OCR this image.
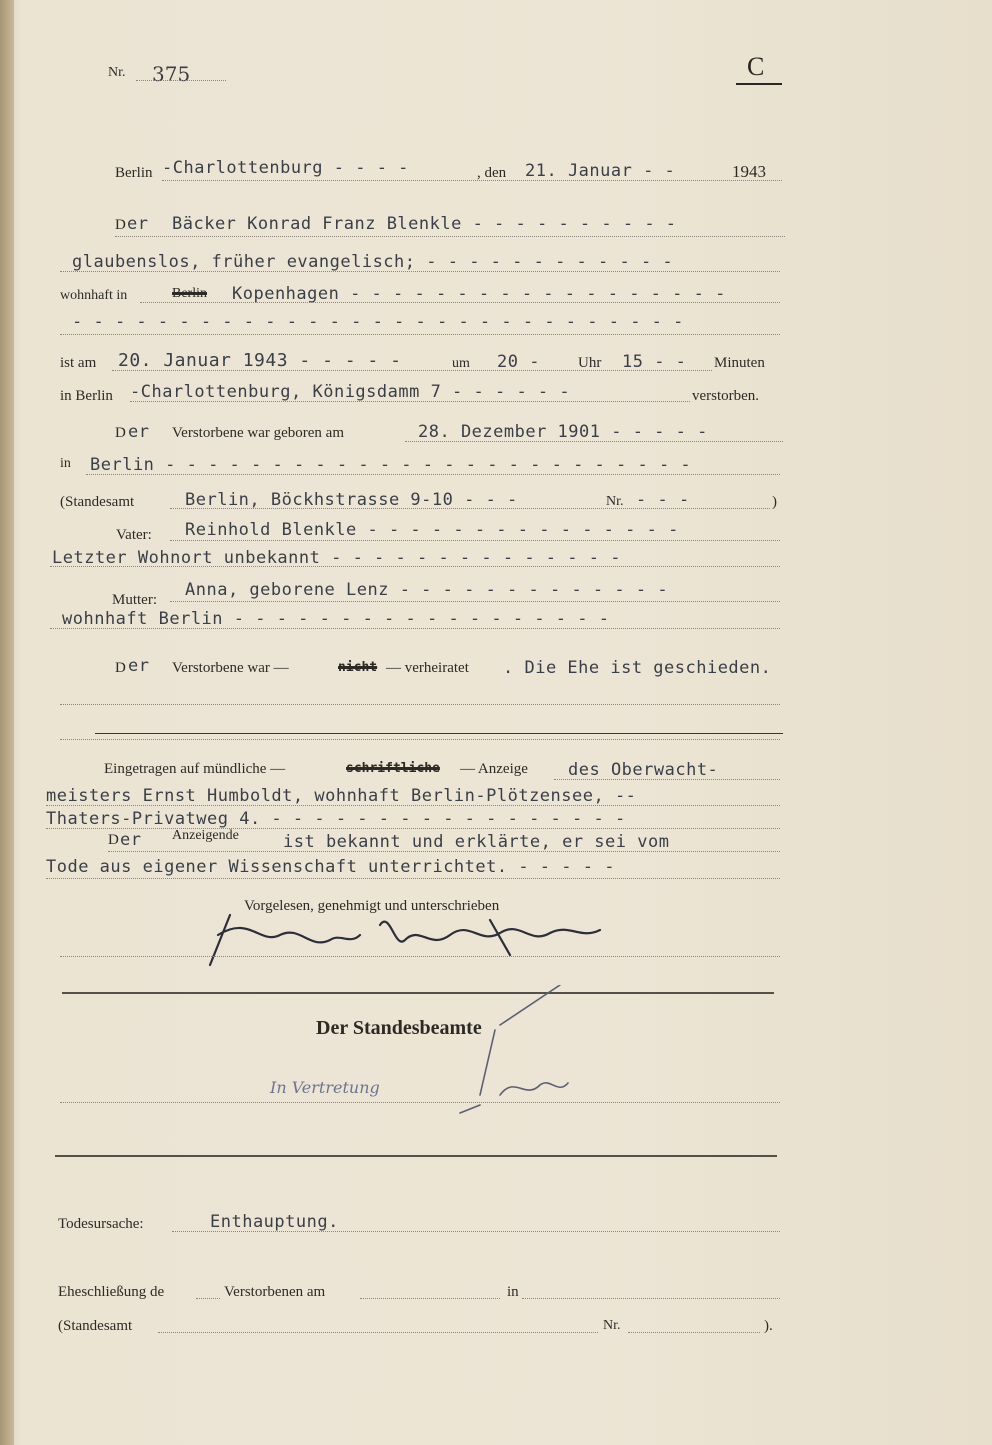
Nr. 375	C
Berlin -Charlottenburg - - - -	, den 21. Januar - -	1943
D er Bäcker Konrad Franz Blenkle - - - - - - - - - -
glaubenslos, früher evangelisch; - - - - - - - - - - - -
wohnhaft in	Berlin Kopenhagen - - - - - - - - - - - - - - - - - -
- - - - - - - - - - - - - - - - - - - - - - - - - - - - -
ist am 20. Januar 1943 - - - - -	um 20 -	Uhr 15 - - Minuten
in Berlin -Charlottenburg, Königsdamm 7 - - - - - -	verstorben.
D er Verstorbene war geboren am	28. Dezember 1901 - - - - -
in Berlin - - - - - - - - - - - - - - - - - - - - - - - - -
(Standesamt	Berlin, Böckhstrasse 9-10 - - -	Nr. - - -	)
Vater: Reinhold Blenkle - - - - - - - - - - - - - - -
Letzter Wohnort unbekannt - - - - - - - - - - - - - -
Mutter: Anna, geborene Lenz - - - - - - - - - - - - -
wohnhaft Berlin - - - - - - - - - - - - - - - - - -
D er Verstorbene war —	nicht — verheiratet . Die Ehe ist geschieden.
Eingetragen auf mündliche —	schriftliche — Anzeige des Oberwacht-
meisters Ernst Humboldt, wohnhaft Berlin-Plötzensee, --
Thaters-Privatweg 4. - - - - - - - - - - - - - - - - -
D er Anzeigende	ist bekannt und erklärte, er sei vom
Tode aus eigener Wissenschaft unterrichtet. - - - - -
Vorgelesen, genehmigt und unterschrieben
Der Standesbeamte
In Vertretung
Todesursache:	Enthauptung.
Eheschließung de	Verstorbenen am	in
(Standesamt	Nr.	).
